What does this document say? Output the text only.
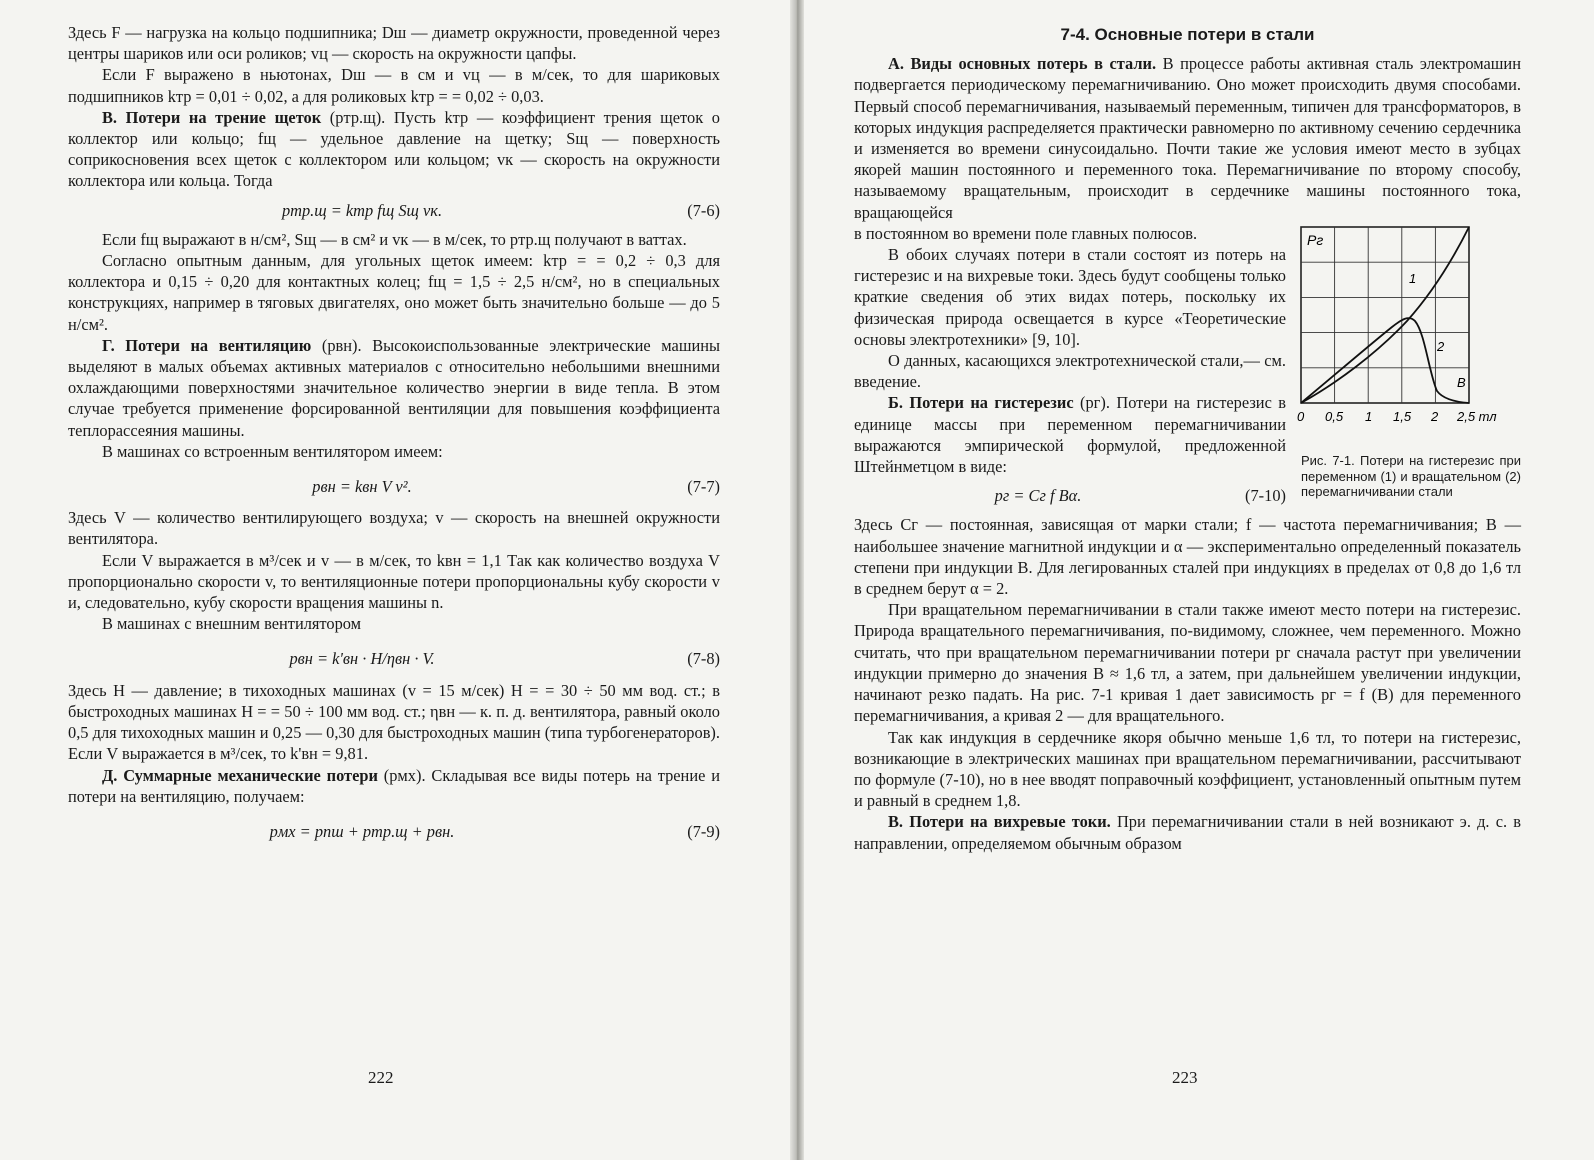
Здесь F — нагрузка на кольцо подшипника; Dш — диаметр окружности, проведенной через центры шариков или оси роликов; vц — скорость на окружности цапфы.

Если F выражено в ньютонах, Dш — в см и vц — в м/сек, то для шариковых подшипников kтр = 0,01 ÷ 0,02, а для роликовых kтр = = 0,02 ÷ 0,03.

В. Потери на трение щеток (pтр.щ). Пусть kтр — коэффициент трения щеток о коллектор или кольцо; fщ — удельное давление на щетку; Sщ — поверхность соприкосновения всех щеток с коллектором или кольцом; vк — скорость на окружности коллектора или кольца. Тогда

pтр.щ = kтр fщ Sщ vк.	(7-6)

Если fщ выражают в н/см², Sщ — в см² и vк — в м/сек, то pтр.щ получают в ваттах.

Согласно опытным данным, для угольных щеток имеем: kтр = = 0,2 ÷ 0,3 для коллектора и 0,15 ÷ 0,20 для контактных колец; fщ = 1,5 ÷ 2,5 н/см², но в специальных конструкциях, например в тяговых двигателях, оно может быть значительно больше — до 5 н/см².

Г. Потери на вентиляцию (pвн). Высокоиспользованные электрические машины выделяют в малых объемах активных материалов с относительно небольшими внешними охлаждающими поверхностями значительное количество энергии в виде тепла. В этом случае требуется применение форсированной вентиляции для повышения коэффициента теплорассеяния машины.

В машинах со встроенным вентилятором имеем:

pвн = kвн V v².	(7-7)

Здесь V — количество вентилирующего воздуха; v — скорость на внешней окружности вентилятора.

Если V выражается в м³/сек и v — в м/сек, то kвн = 1,1 Так как количество воздуха V пропорционально скорости v, то вентиляционные потери пропорциональны кубу скорости v и, следовательно, кубу скорости вращения машины n.

В машинах с внешним вентилятором

pвн = k'вн · H/ηвн · V.	(7-8)

Здесь H — давление; в тихоходных машинах (v = 15 м/сек) H = = 30 ÷ 50 мм вод. ст.; в быстроходных машинах H = = 50 ÷ 100 мм вод. ст.; ηвн — к. п. д. вентилятора, равный около 0,5 для тихоходных машин и 0,25 — 0,30 для быстроходных машин (типа турбогенераторов). Если V выражается в м³/сек, то k'вн = 9,81.

Д. Суммарные механические потери (pмх). Складывая все виды потерь на трение и потери на вентиляцию, получаем:

pмх = pпш + pтр.щ + pвн.	(7-9)
222
7-4. Основные потери в стали

А. Виды основных потерь в стали. В процессе работы активная сталь электромашин подвергается периодическому перемагничиванию. Оно может происходить двумя способами. Первый способ перемагничивания, называемый переменным, типичен для трансформаторов, в которых индукция распределяется практически равномерно по активному сечению сердечника и изменяется во времени синусоидально. Почти такие же условия имеют место в зубцах якорей машин постоянного и переменного тока. Перемагничивание по второму способу, называемому вращательным, происходит в сердечнике машины постоянного тока, вращающейся

в постоянном во времени поле главных полюсов.

В обоих случаях потери в стали состоят из потерь на гистерезис и на вихревые токи. Здесь будут сообщены только краткие сведения об этих видах потерь, поскольку их физическая природа освещается в курсе «Теоретические основы электротехники» [9, 10].

О данных, касающихся электротехнической стали,— см. введение.

Б. Потери на гистерезис (pг). Потери на гистерезис в единице массы при переменном перемагничивании выражаются эмпирической формулой, предложенной Штейнметцом в виде:

pг = Cг f Bα.	(7-10)
Pг
1
2
B
0 0,5 1 1,5 2 2,5 тл
Рис. 7-1. Потери на гистерезис при переменном (1) и вращательном (2) перемагничивании стали

Здесь Cг — постоянная, зависящая от марки стали; f — частота перемагничивания; B — наибольшее значение магнитной индукции и α — экспериментально определенный показатель степени при индукции B. Для легированных сталей при индукциях в пределах от 0,8 до 1,6 тл в среднем берут α = 2.

При вращательном перемагничивании в стали также имеют место потери на гистерезис. Природа вращательного перемагничивания, по-видимому, сложнее, чем переменного. Можно считать, что при вращательном перемагничивании потери pг сначала растут при увеличении индукции примерно до значения B ≈ 1,6 тл, а затем, при дальнейшем увеличении индукции, начинают резко падать. На рис. 7-1 кривая 1 дает зависимость pг = f (B) для переменного перемагничивания, а кривая 2 — для вращательного.

Так как индукция в сердечнике якоря обычно меньше 1,6 тл, то потери на гистерезис, возникающие в электрических машинах при вращательном перемагничивании, рассчитывают по формуле (7-10), но в нее вводят поправочный коэффициент, установленный опытным путем и равный в среднем 1,8.

В. Потери на вихревые токи. При перемагничивании стали в ней возникают э. д. с. в направлении, определяемом обычным образом

223
